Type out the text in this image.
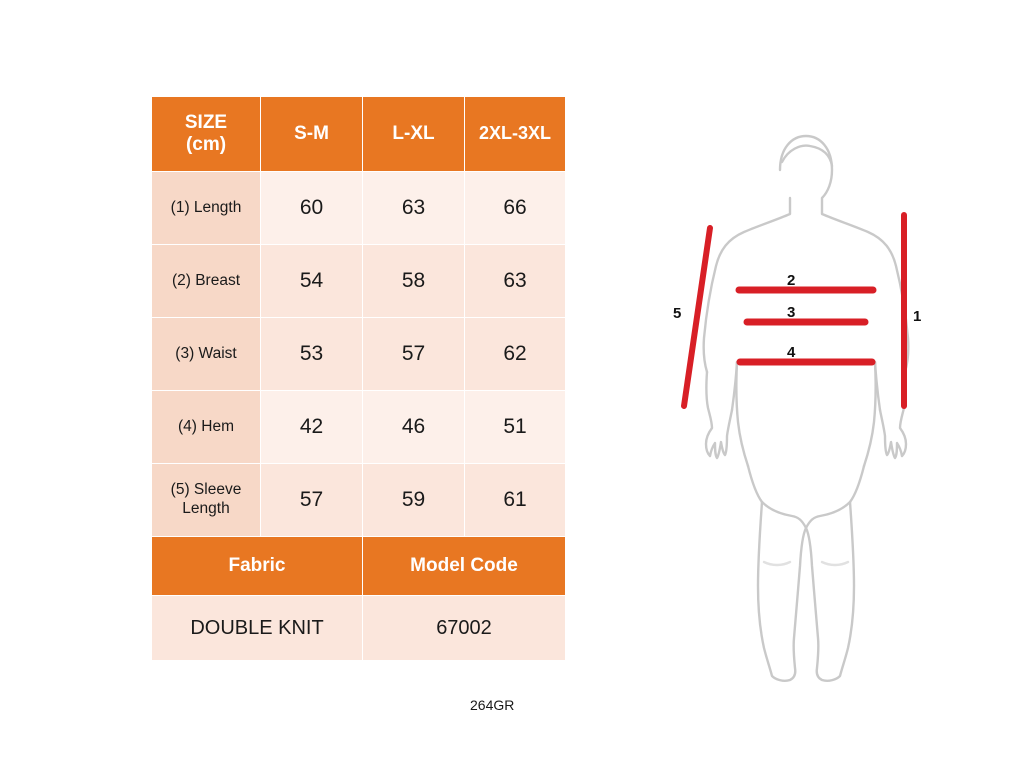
SIZE
(cm)	S-M	L-XL	2XL-3XL
(1) Length	60	63	66
(2) Breast	54	58	63
(3) Waist	53	57	62
(4) Hem	42	46	51
(5) Sleeve Length	57	59	61
Fabric		Model Code	
DOUBLE KNIT		67002	
264GR
2
3
4
1
5
